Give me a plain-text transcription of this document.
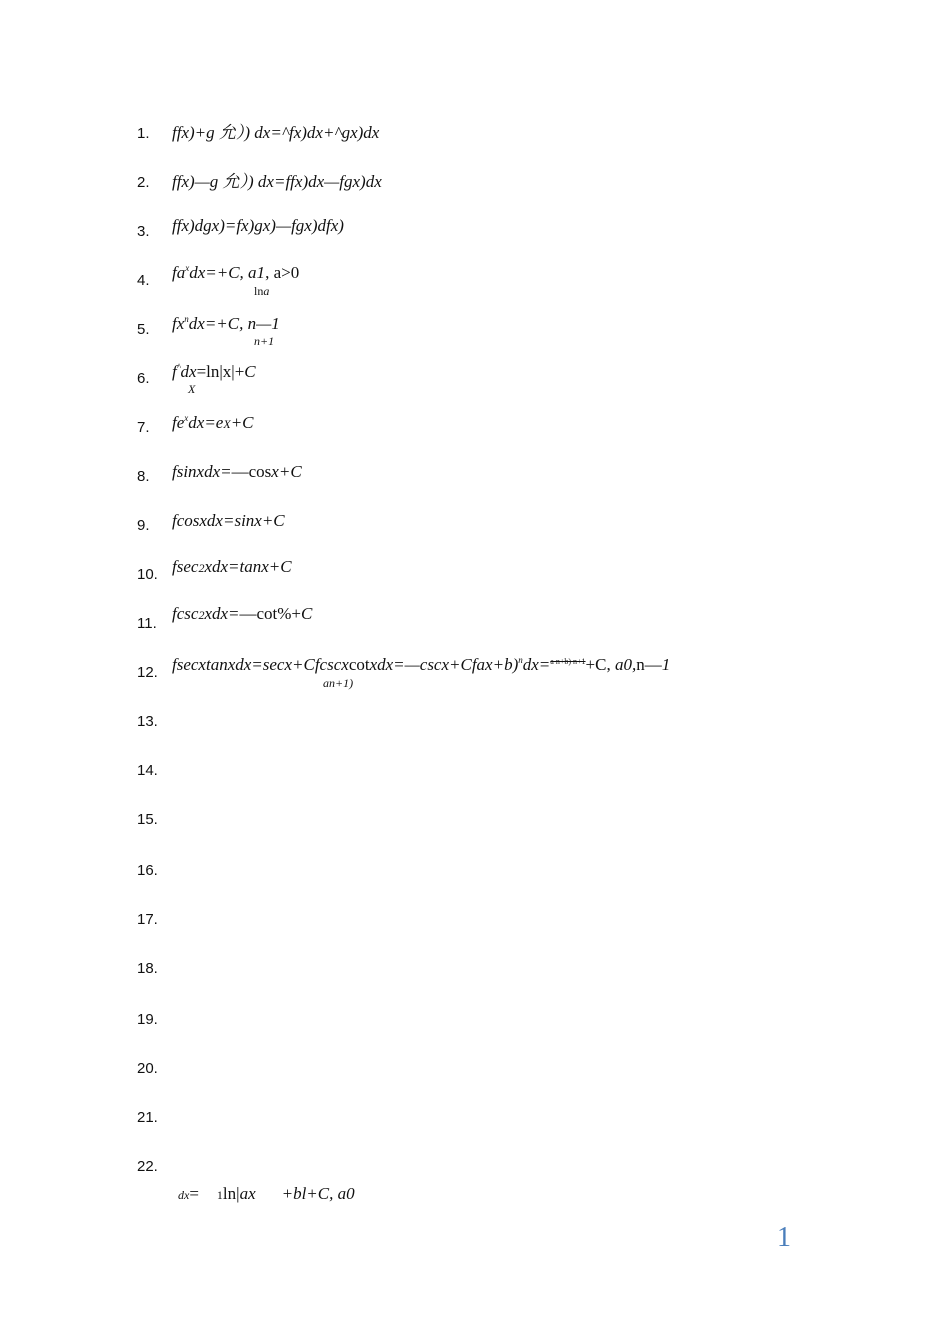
1.
2.
3.
4.
5.
6.
7.
8.
9.
10.
11.
12.
13.
14.
15.
16.
17.
18.
19.
20.
21.
22.
ffx)+g 允）) dx=^fx)dx+^gx)dx
ffx)—g 允）) dx=ffx)dx—fgx)dx
ffx)dgx)=fx)gx)—fgx)dfx)
$fa^xdx=+C$, a1, a>0
lna
$fx^ndx=+C$, n—1
n+1
f^dx=ln|x|+C
X
$fe^xdx=eX+C$
fsinxdx=—cosx+C
fcosxdx=sinx+C
fsec2xdx=tanx+C
fcsc2xdx=—cot%+C
fsecxtanxdx=secx+Cfcscxcotxdx=—cscx+Cfax+b)$^n$dx=$^{a n+b) n+1}$+C, a0,n—1
an+1)
dx= 1ln|ax +bl+C, a0
1
